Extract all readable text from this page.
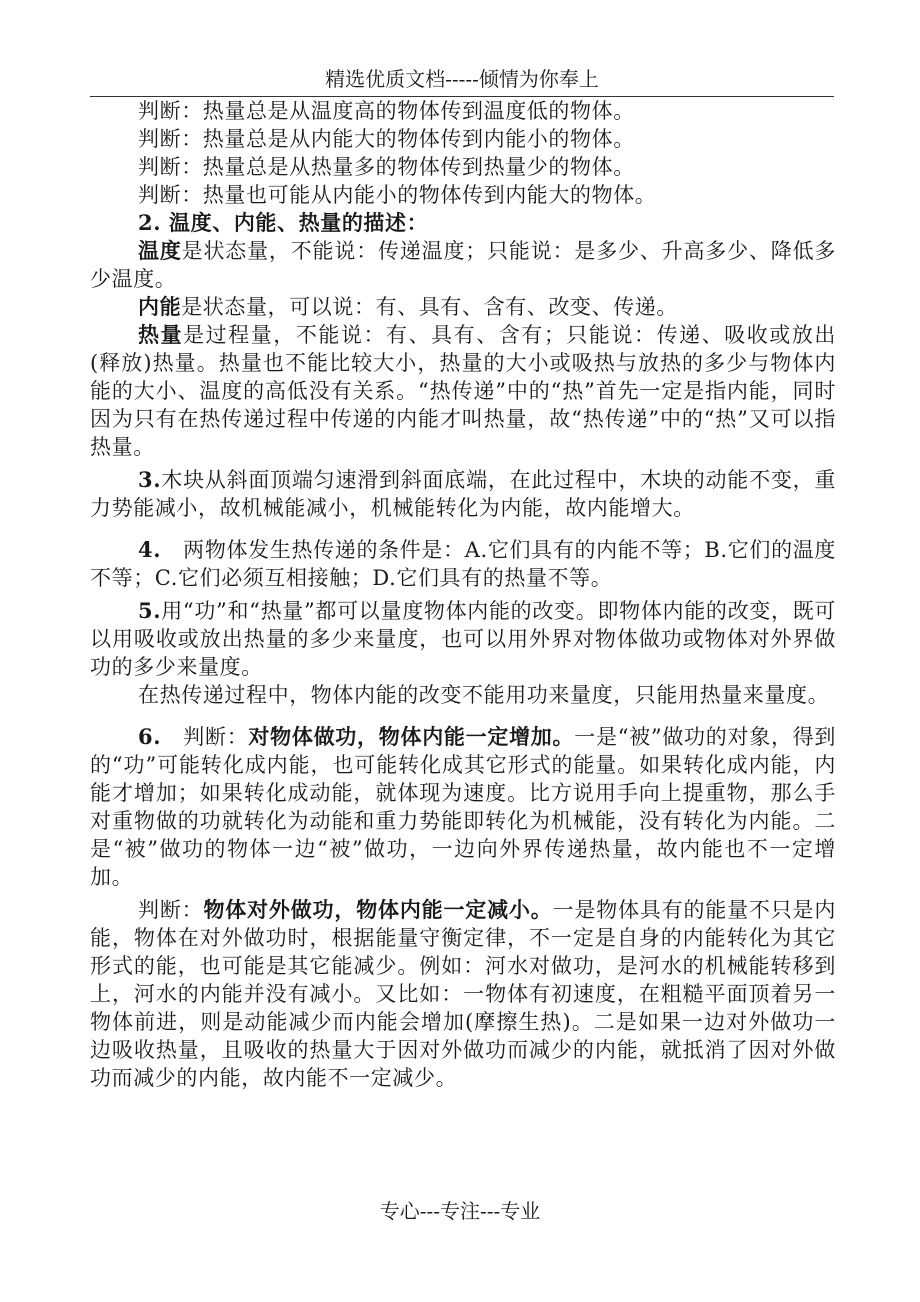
精选优质文档-----倾情为你奉上

判断：热量总是从温度高的物体传到温度低的物体。

判断：热量总是从内能大的物体传到内能小的物体。

判断：热量总是从热量多的物体传到热量少的物体。

判断：热量也可能从内能小的物体传到内能大的物体。

2. 温度、内能、热量的描述：

温度是状态量，不能说：传递温度；只能说：是多少、升高多少、降低多少温度。

内能是状态量，可以说：有、具有、含有、改变、传递。

热量是过程量，不能说：有、具有、含有；只能说：传递、吸收或放出(释放)热量。热量也不能比较大小，热量的大小或吸热与放热的多少与物体内能的大小、温度的高低没有关系。“热传递”中的“热”首先一定是指内能，同时因为只有在热传递过程中传递的内能才叫热量，故“热传递”中的“热”又可以指热量。

3.木块从斜面顶端匀速滑到斜面底端，在此过程中，木块的动能不变，重力势能减小，故机械能减小，机械能转化为内能，故内能增大。

4. 两物体发生热传递的条件是：A.它们具有的内能不等；B.它们的温度不等；C.它们必须互相接触；D.它们具有的热量不等。

5.用“功”和“热量”都可以量度物体内能的改变。即物体内能的改变，既可以用吸收或放出热量的多少来量度，也可以用外界对物体做功或物体对外界做功的多少来量度。

在热传递过程中，物体内能的改变不能用功来量度，只能用热量来量度。

6. 判断：对物体做功，物体内能一定增加。一是“被”做功的对象，得到的“功”可能转化成内能，也可能转化成其它形式的能量。如果转化成内能，内能才增加；如果转化成动能，就体现为速度。比方说用手向上提重物，那么手对重物做的功就转化为动能和重力势能即转化为机械能，没有转化为内能。二是“被”做功的物体一边“被”做功，一边向外界传递热量，故内能也不一定增加。

判断：物体对外做功，物体内能一定减小。一是物体具有的能量不只是内能，物体在对外做功时，根据能量守衡定律，不一定是自身的内能转化为其它形式的能，也可能是其它能减少。例如：河水对做功，是河水的机械能转移到上，河水的内能并没有减小。又比如：一物体有初速度，在粗糙平面顶着另一物体前进，则是动能减少而内能会增加(摩擦生热)。二是如果一边对外做功一边吸收热量，且吸收的热量大于因对外做功而减少的内能，就抵消了因对外做功而减少的内能，故内能不一定减少。

专心---专注---专业
